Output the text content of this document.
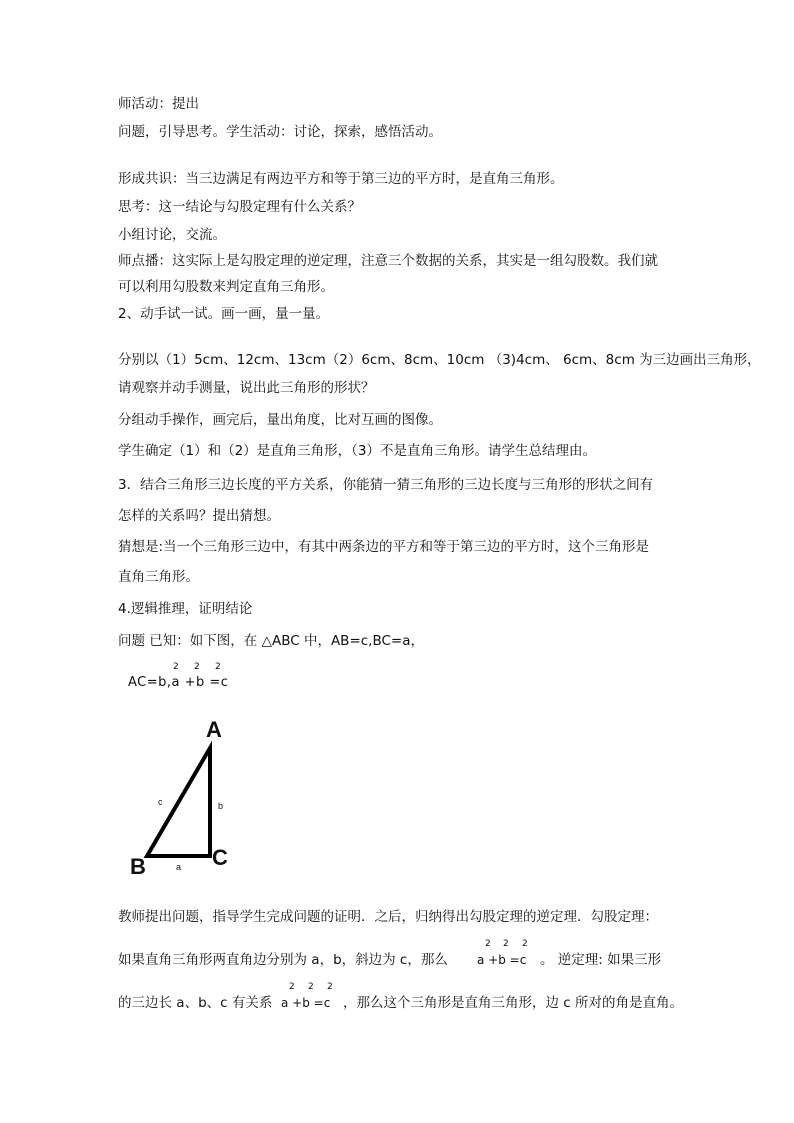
师活动：提出
问题，引导思考。学生活动：讨论，探索，感悟活动。
形成共识：当三边满足有两边平方和等于第三边的平方时，是直角三角形。
思考：这一结论与勾股定理有什么关系？
小组讨论，交流。
师点播：这实际上是勾股定理的逆定理，注意三个数据的关系，其实是一组勾股数。我们就
可以利用勾股数来判定直角三角形。
2、动手试一试。画一画，量一量。
分别以（1）5cm、12cm、13cm（2）6cm、8cm、10cm （3)4cm、 6cm、8cm 为三边画出三角形，
请观察并动手测量，说出此三角形的形状？
分组动手操作，画完后，量出角度，比对互画的图像。
学生确定（1）和（2）是直角三角形，（3）不是直角三角形。请学生总结理由。
3．结合三角形三边长度的平方关系，你能猜一猜三角形的三边长度与三角形的形状之间有
怎样的关系吗？提出猜想。
猜想是:当一个三角形三边中，有其中两条边的平方和等于第三边的平方时，这个三角形是
直角三角形。
4.逻辑推理，证明结论
问题 已知：如下图，在 △ABC 中，AB=c,BC=a，
2 2 2
AC=b,a +b =c
A
B	C
c	b
a
教师提出问题，指导学生完成问题的证明．之后，归纳得出勾股定理的逆定理．勾股定理：
2 2 2
如果直角三角形两直角边分别为 a，b，斜边为 c，那么 a +b =c 。 逆定理: 如果三形
2 2 2
的三边长 a、b、c 有关系 a +b =c ，那么这个三角形是直角三角形，边 c 所对的角是直角。
